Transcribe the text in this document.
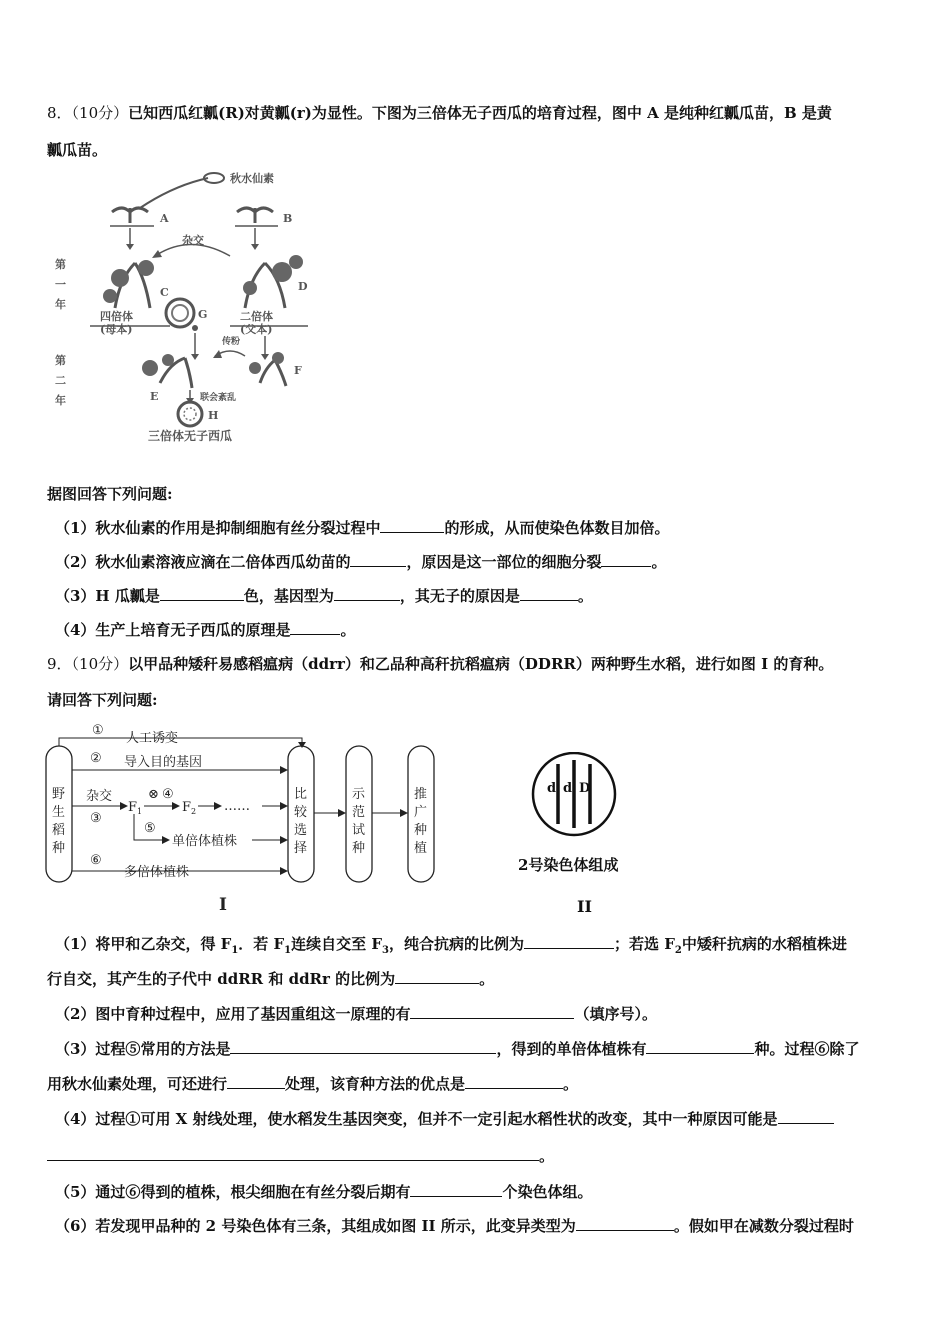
8．（10分）已知西瓜红瓤(R)对黄瓤(r)为显性。下图为三倍体无子西瓜的培育过程，图中 A 是纯种红瓤瓜苗，B 是黄
瓤瓜苗。
秋水仙素
A	B
杂交
C	D
第
一
年
四倍体
(母本)
G	二倍体
(父本)
第
二
年
传粉
E
F
联会紊乱
H
三倍体无子西瓜
据图回答下列问题:
（1）秋水仙素的作用是抑制细胞有丝分裂过程中	的形成，从而使染色体数目加倍。
（2）秋水仙素溶液应滴在二倍体西瓜幼苗的	，原因是这一部位的细胞分裂	。
（3）H 瓜瓤是	色，基因型为	，其无子的原因是	。
（4）生产上培育无子西瓜的原理是	。
9．（10分）以甲品种矮秆易感稻瘟病（ddrr）和乙品种高秆抗稻瘟病（DDRR）两种野生水稻，进行如图 I 的育种。
请回答下列问题:
野
生
稻
种
①
人工诱变
② 导入目的基因
杂交
③
$F_1$
⊗ ④
$F_2$ ……
⑤
单倍体植株
⑥
多倍体植株
比
较
选
择
示
范
试
种
推
广
种
植
I
d d D
2号染色体组成
II
（1）将甲和乙杂交，得 $F_1$．若 $F_1$连续自交至 $F_3$，纯合抗病的比例为	；若选 $F_2$中矮秆抗病的水稻植株进
行自交，其产生的子代中 ddRR 和 ddRr 的比例为	。
（2）图中育种过程中，应用了基因重组这一原理的有	（填序号）。
（3）过程⑤常用的方法是	，得到的单倍体植株有	种。过程⑥除了
用秋水仙素处理，可还进行	处理，该育种方法的优点是	。
（4）过程①可用 X 射线处理，使水稻发生基因突变，但并不一定引起水稻性状的改变，其中一种原因可能是
。
（5）通过⑥得到的植株，根尖细胞在有丝分裂后期有	个染色体组。
（6）若发现甲品种的 2 号染色体有三条，其组成如图 II 所示，此变异类型为	。假如甲在减数分裂过程时
